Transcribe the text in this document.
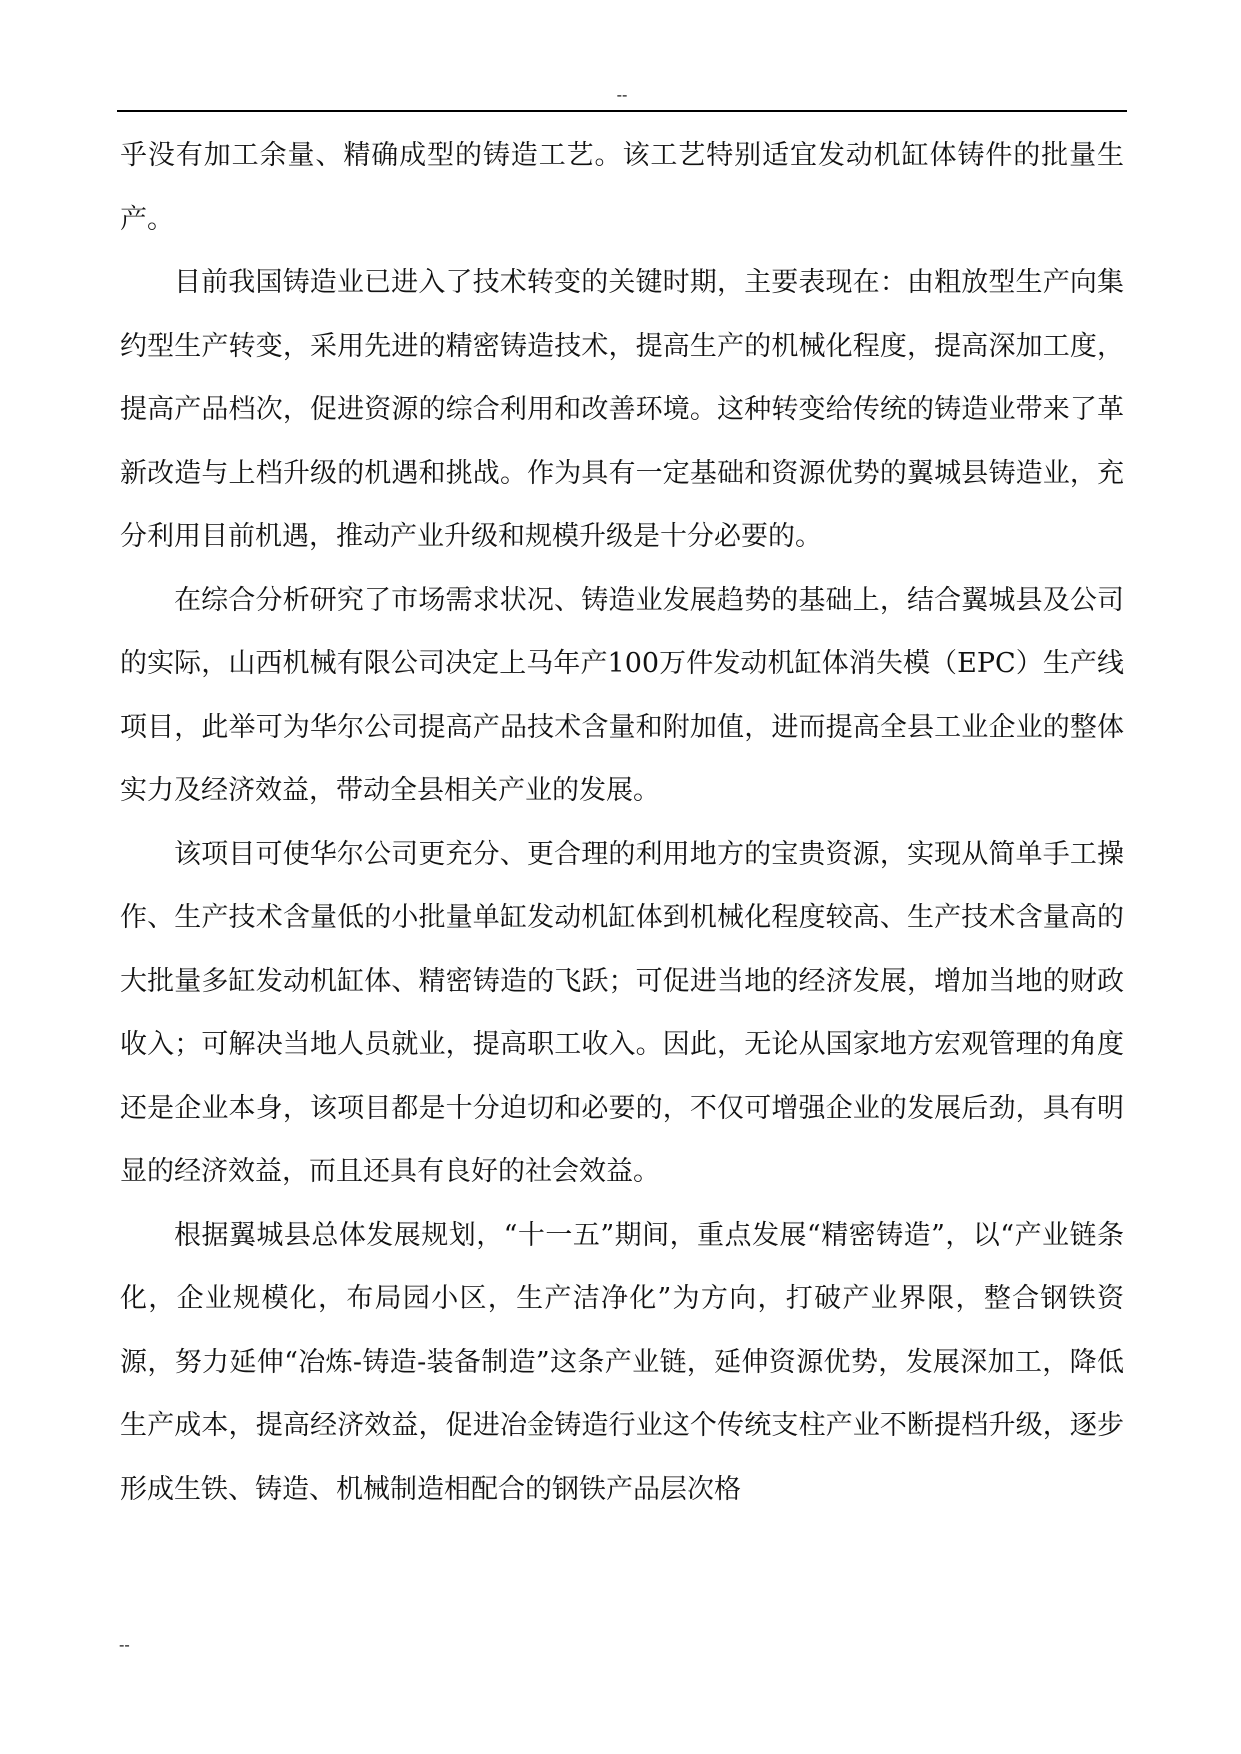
--

乎没有加工余量、精确成型的铸造工艺。该工艺特别适宜发动机缸体铸件的批量生产。

目前我国铸造业已进入了技术转变的关键时期，主要表现在：由粗放型生产向集约型生产转变，采用先进的精密铸造技术，提高生产的机械化程度，提高深加工度，提高产品档次，促进资源的综合利用和改善环境。这种转变给传统的铸造业带来了革新改造与上档升级的机遇和挑战。作为具有一定基础和资源优势的翼城县铸造业，充分利用目前机遇，推动产业升级和规模升级是十分必要的。

在综合分析研究了市场需求状况、铸造业发展趋势的基础上，结合翼城县及公司的实际，山西机械有限公司决定上马年产100万件发动机缸体消失模（EPC）生产线项目，此举可为华尔公司提高产品技术含量和附加值，进而提高全县工业企业的整体实力及经济效益，带动全县相关产业的发展。

该项目可使华尔公司更充分、更合理的利用地方的宝贵资源，实现从简单手工操作、生产技术含量低的小批量单缸发动机缸体到机械化程度较高、生产技术含量高的大批量多缸发动机缸体、精密铸造的飞跃；可促进当地的经济发展，增加当地的财政收入；可解决当地人员就业，提高职工收入。因此，无论从国家地方宏观管理的角度还是企业本身，该项目都是十分迫切和必要的，不仅可增强企业的发展后劲，具有明显的经济效益，而且还具有良好的社会效益。

根据翼城县总体发展规划，“十一五”期间，重点发展“精密铸造”，以“产业链条化，企业规模化，布局园小区，生产洁净化”为方向，打破产业界限，整合钢铁资源，努力延伸“冶炼-铸造-装备制造”这条产业链，延伸资源优势，发展深加工，降低生产成本，提高经济效益，促进冶金铸造行业这个传统支柱产业不断提档升级，逐步形成生铁、铸造、机械制造相配合的钢铁产品层次格

--
